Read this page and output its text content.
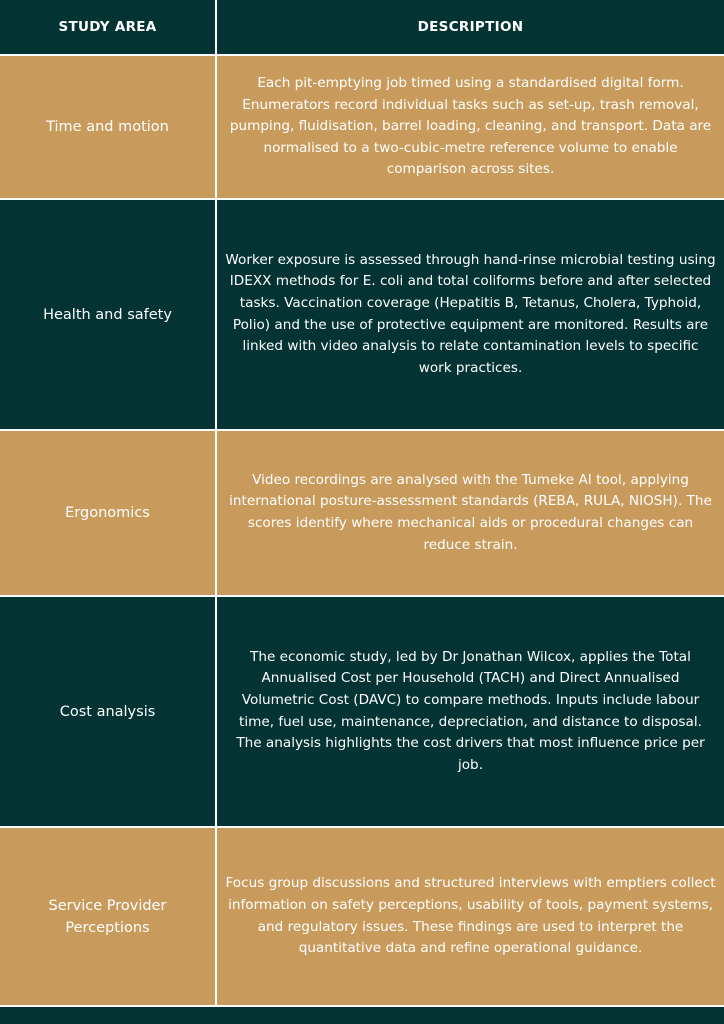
STUDY AREA	DESCRIPTION
Time and motion
Each pit-emptying job timed using a standardised digital form. Enumerators record individual tasks such as set-up, trash removal, pumping, fluidisation, barrel loading, cleaning, and transport. Data are normalised to a two-cubic-metre reference volume to enable comparison across sites.
Health and safety
Worker exposure is assessed through hand-rinse microbial testing using IDEXX methods for E. coli and total coliforms before and after selected tasks. Vaccination coverage (Hepatitis B, Tetanus, Cholera, Typhoid, Polio) and the use of protective equipment are monitored. Results are linked with video analysis to relate contamination levels to specific work practices.
Ergonomics
Video recordings are analysed with the Tumeke AI tool, applying international posture-assessment standards (REBA, RULA, NIOSH). The scores identify where mechanical aids or procedural changes can reduce strain.
Cost analysis
The economic study, led by Dr Jonathan Wilcox, applies the Total Annualised Cost per Household (TACH) and Direct Annualised Volumetric Cost (DAVC) to compare methods. Inputs include labour time, fuel use, maintenance, depreciation, and distance to disposal. The analysis highlights the cost drivers that most influence price per job.
Service Provider Perceptions
Focus group discussions and structured interviews with emptiers collect information on safety perceptions, usability of tools, payment systems, and regulatory issues. These findings are used to interpret the quantitative data and refine operational guidance.
